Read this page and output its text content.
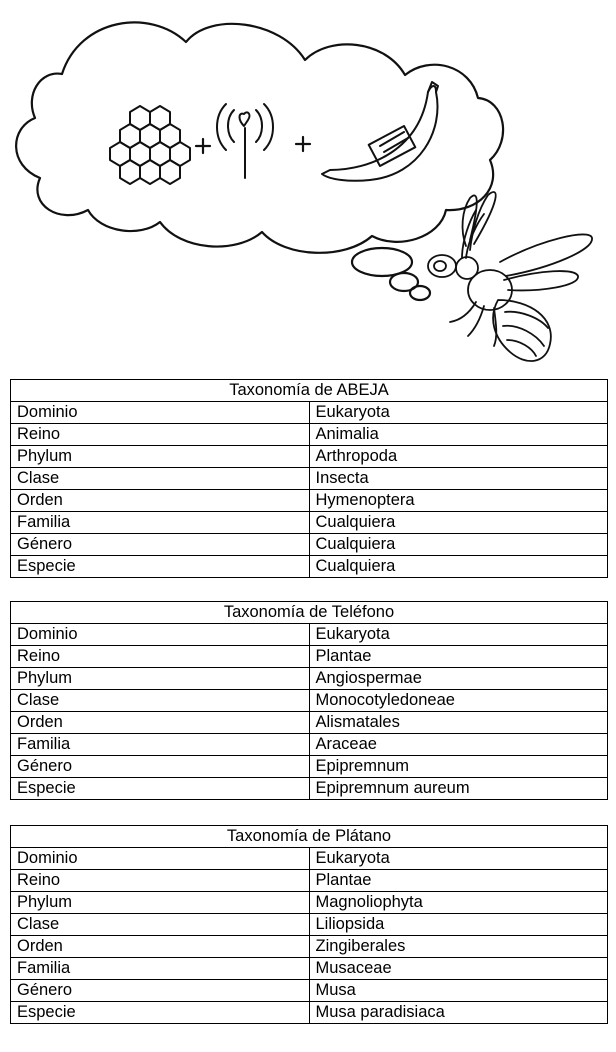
Taxonomía de ABEJA	
Dominio	Eukaryota
Reino	Animalia
Phylum	Arthropoda
Clase	Insecta
Orden	Hymenoptera
Familia	Cualquiera
Género	Cualquiera
Especie	Cualquiera
Taxonomía de Teléfono	
Dominio	Eukaryota
Reino	Plantae
Phylum	Angiospermae
Clase	Monocotyledoneae
Orden	Alismatales
Familia	Araceae
Género	Epipremnum
Especie	Epipremnum aureum
Taxonomía de Plátano	
Dominio	Eukaryota
Reino	Plantae
Phylum	Magnoliophyta
Clase	Liliopsida
Orden	Zingiberales
Familia	Musaceae
Género	Musa
Especie	Musa paradisiaca
